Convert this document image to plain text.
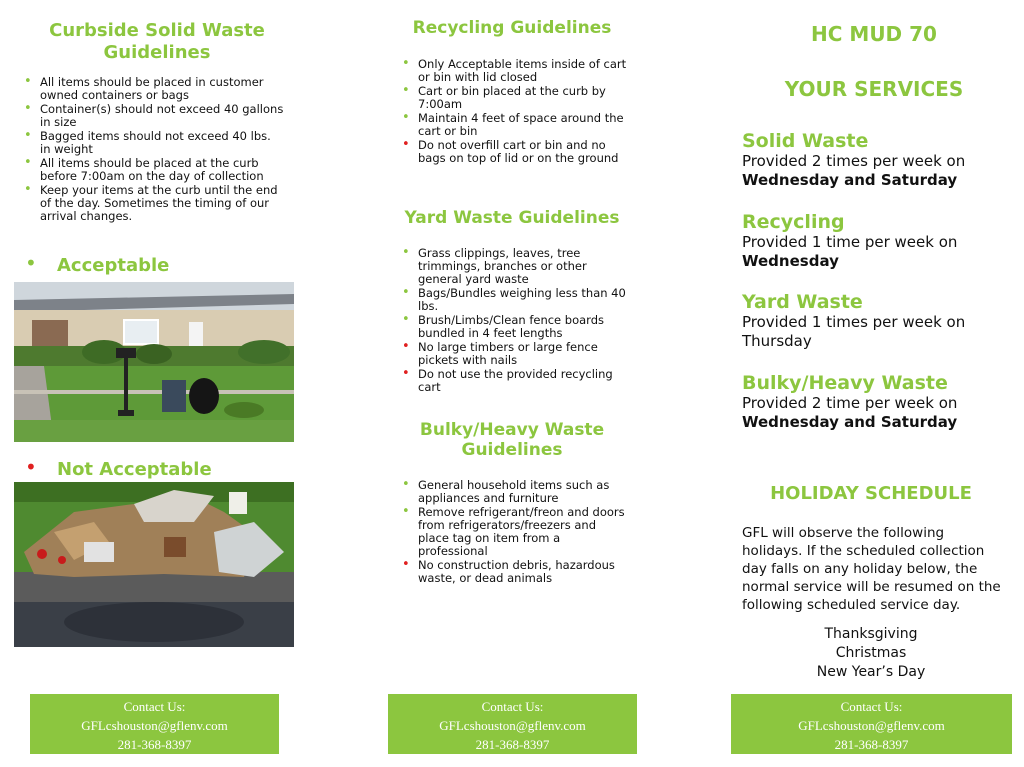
Curbside Solid Waste Guidelines
• All items should be placed in customer owned containers or bags
• Container(s) should not exceed 40 gallons in size
• Bagged items should not exceed 40 lbs. in weight
• All items should be placed at the curb before 7:00am on the day of collection
• Keep your items at the curb until the end of the day. Sometimes the timing of our arrival changes.
• Acceptable
• Not Acceptable
Recycling Guidelines
• Only Acceptable items inside of cart or bin with lid closed
• Cart or bin placed at the curb by 7:00am
• Maintain 4 feet of space around the cart or bin
• Do not overfill cart or bin and no bags on top of lid or on the ground
Yard Waste Guidelines
• Grass clippings, leaves, tree trimmings, branches or other general yard waste
• Bags/Bundles weighing less than 40 lbs.
• Brush/Limbs/Clean fence boards bundled in 4 feet lengths
• No large timbers or large fence pickets with nails
• Do not use the provided recycling cart
Bulky/Heavy Waste Guidelines
• General household items such as appliances and furniture
• Remove refrigerant/freon and doors from refrigerators/freezers and place tag on item from a professional
• No construction debris, hazardous waste, or dead animals
HC MUD 70
YOUR SERVICES
Solid Waste
Provided 2 times per week on
Wednesday and Saturday
Recycling
Provided 1 time per week on
Wednesday
Yard Waste
Provided 1 times per week on
Thursday
Bulky/Heavy Waste
Provided 2 time per week on
Wednesday and Saturday
HOLIDAY SCHEDULE
GFL will observe the following holidays. If the scheduled collection day falls on any holiday below, the normal service will be resumed on the following scheduled service day.
Thanksgiving
Christmas
New Year’s Day
Contact Us:
GFLcshouston@gflenv.com
281-368-8397
Contact Us:
GFLcshouston@gflenv.com
281-368-8397
Contact Us:
GFLcshouston@gflenv.com
281-368-8397
